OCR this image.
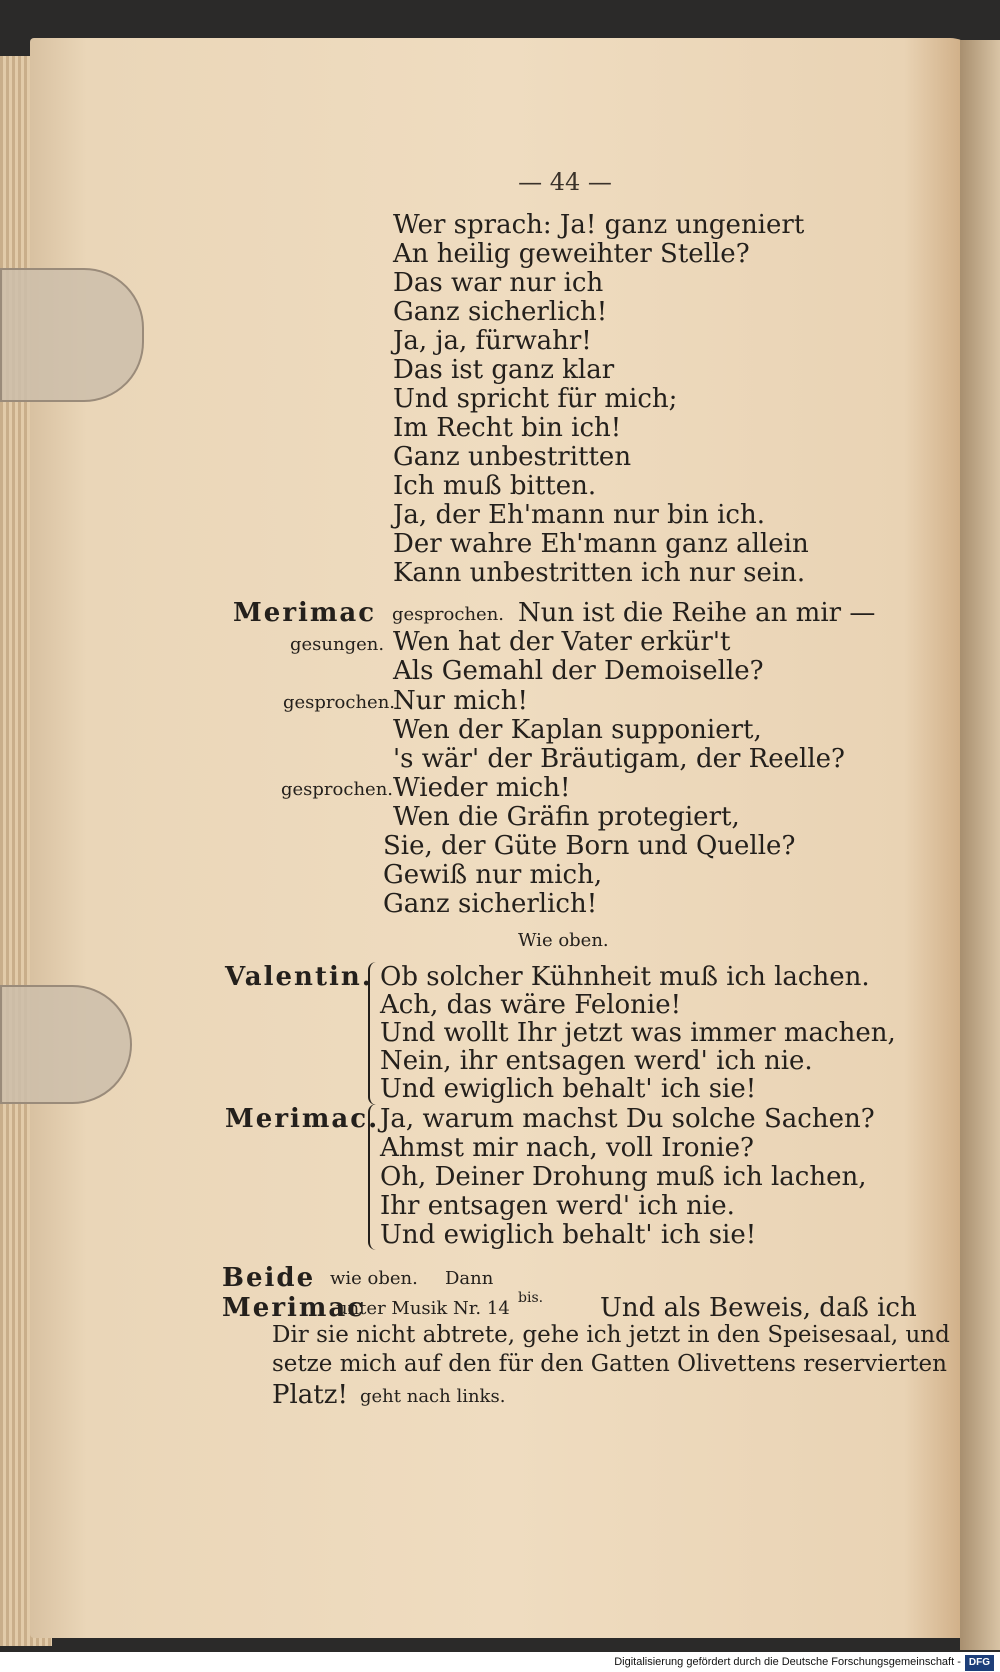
— 44 —
Wer sprach: Ja! ganz ungeniert
An heilig geweihter Stelle?
Das war nur ich
Ganz sicherlich!
Ja, ja, fürwahr!
Das ist ganz klar
Und spricht für mich;
Im Recht bin ich!
Ganz unbestritten
Ich muß bitten.
Ja, der Eh'mann nur bin ich.
Der wahre Eh'mann ganz allein
Kann unbestritten ich nur sein.
Merimac gesprochen. Nun ist die Reihe an mir —
gesungen. Wen hat der Vater erkür't
Als Gemahl der Demoiselle?
gesprochen.
Nur mich!
Wen der Kaplan supponiert,
's wär' der Bräutigam, der Reelle?
gesprochen. Wieder mich!
Wen die Gräfin protegiert,
Sie, der Güte Born und Quelle?
Gewiß nur mich,
Ganz sicherlich!
Wie oben.
Valentin. Ob solcher Kühnheit muß ich lachen.
Ach, das wäre Felonie!
Und wollt Ihr jetzt was immer machen,
Nein, ihr entsagen werd' ich nie.
Und ewiglich behalt' ich sie!
Merimac. Ja, warum machst Du solche Sachen?
Ahmst mir nach, voll Ironie?
Oh, Deiner Drohung muß ich lachen,
Ihr entsagen werd' ich nie.
Und ewiglich behalt' ich sie!
Beide wie oben. Dann
Merimac
unter Musik Nr. 14 bis. Und als Beweis, daß ich
Dir sie nicht abtrete, gehe ich jetzt in den Speisesaal, und
setze mich auf den für den Gatten Olivettens reservierten
Platz! geht nach links.
Digitalisierung gefördert durch die Deutsche Forschungsgemeinschaft - DFG
